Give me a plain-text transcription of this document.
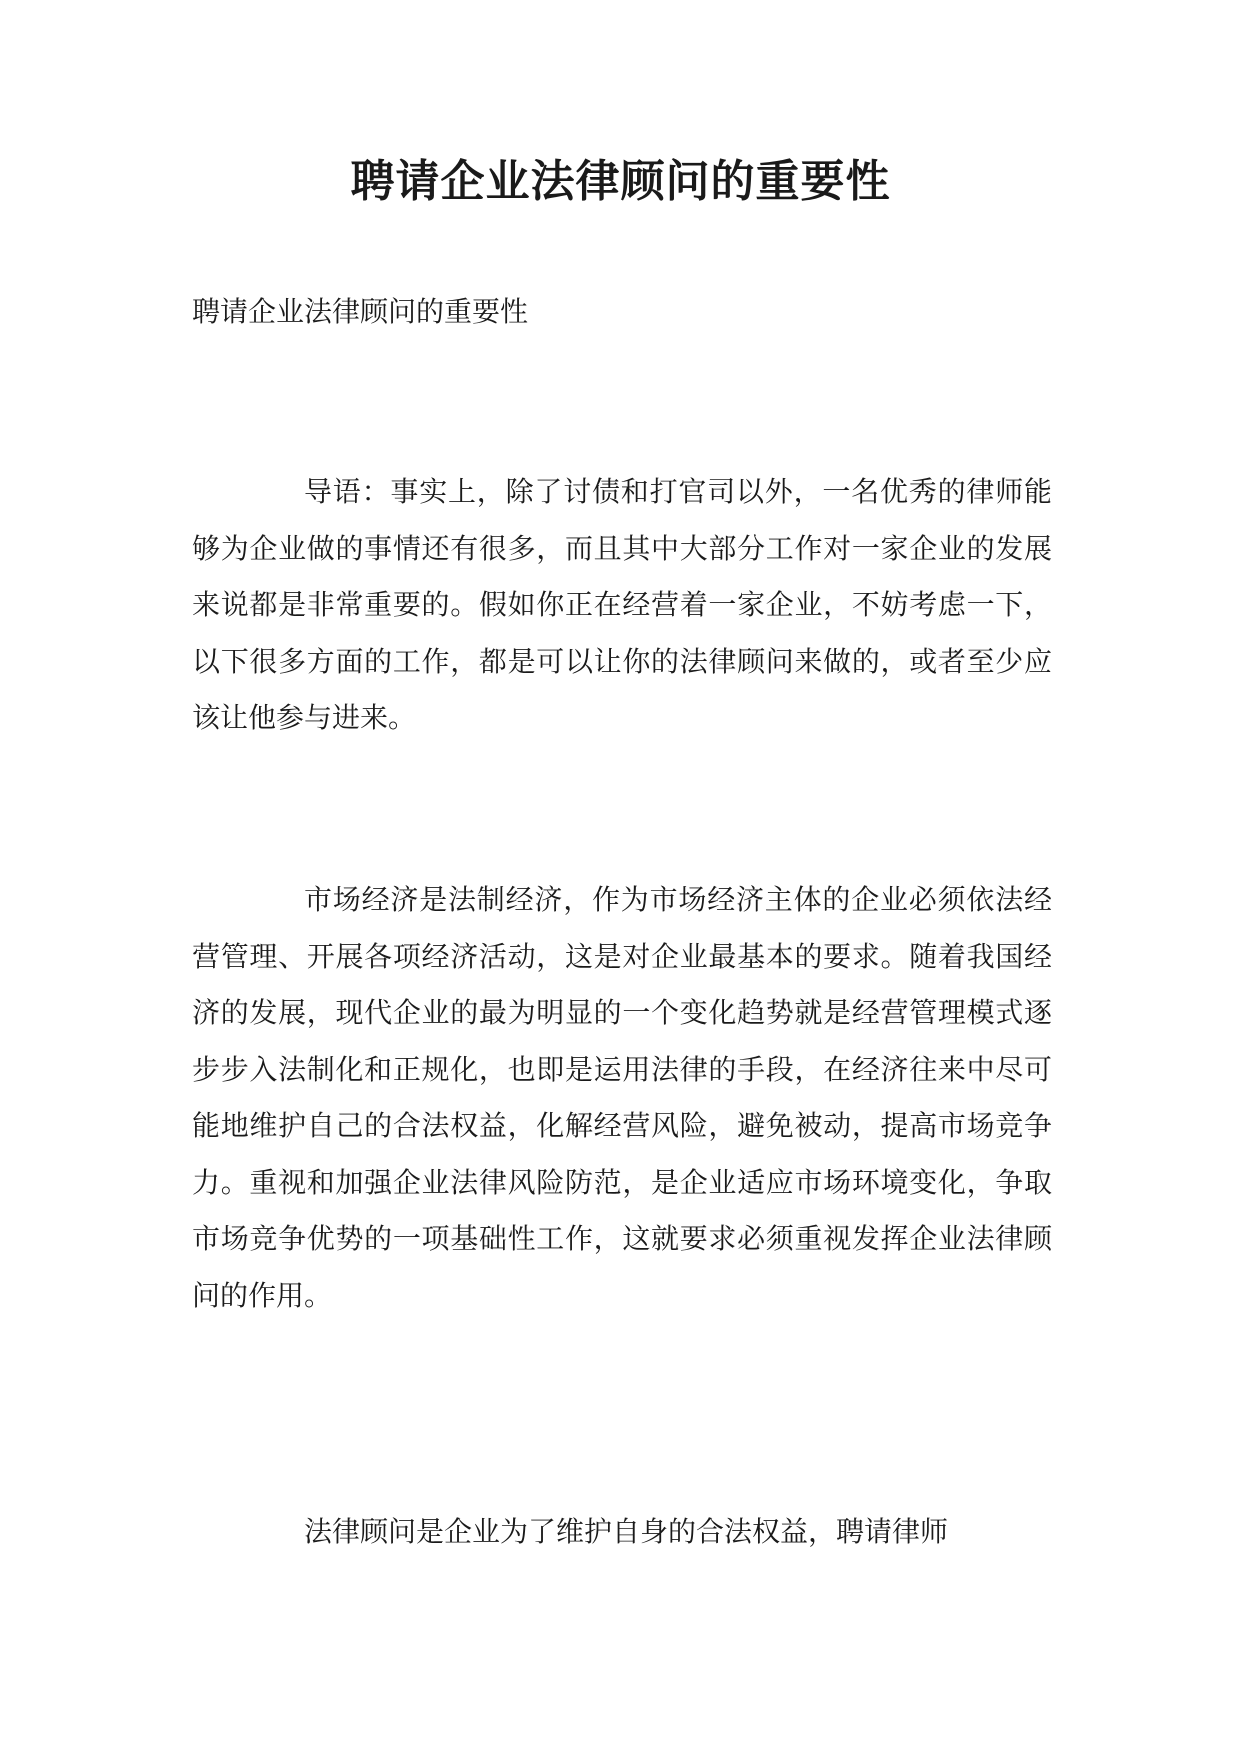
聘请企业法律顾问的重要性

聘请企业法律顾问的重要性

导语：事实上，除了讨债和打官司以外，一名优秀的律师能够为企业做的事情还有很多，而且其中大部分工作对一家企业的发展来说都是非常重要的。假如你正在经营着一家企业，不妨考虑一下，以下很多方面的工作，都是可以让你的法律顾问来做的，或者至少应该让他参与进来。

市场经济是法制经济，作为市场经济主体的企业必须依法经营管理、开展各项经济活动，这是对企业最基本的要求。随着我国经济的发展，现代企业的最为明显的一个变化趋势就是经营管理模式逐步步入法制化和正规化，也即是运用法律的手段，在经济往来中尽可能地维护自己的合法权益，化解经营风险，避免被动，提高市场竞争力。重视和加强企业法律风险防范，是企业适应市场环境变化，争取市场竞争优势的一项基础性工作，这就要求必须重视发挥企业法律顾问的作用。

法律顾问是企业为了维护自身的合法权益，聘请律师
